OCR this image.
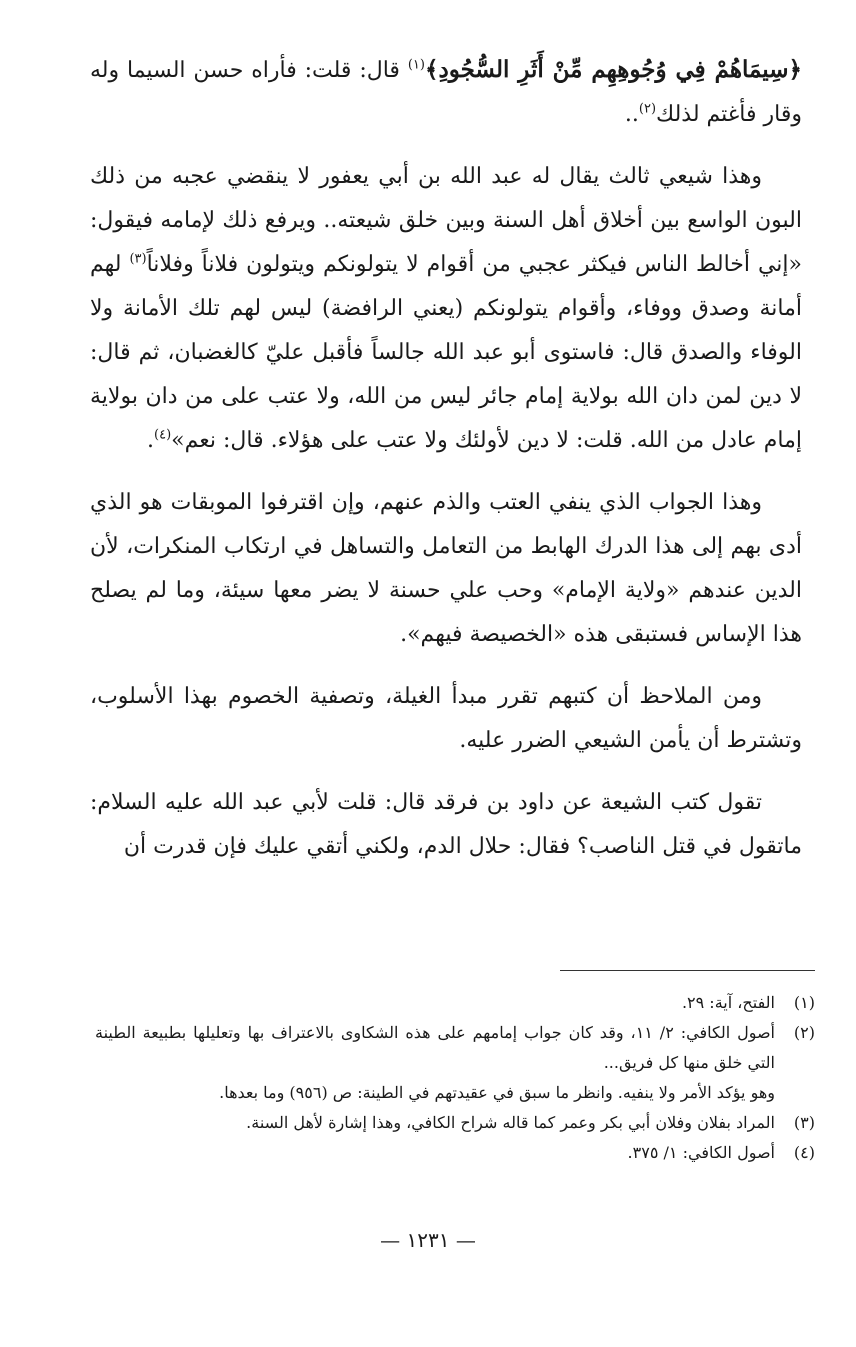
﴿سِيمَاهُمْ فِي وُجُوهِهِم مِّنْ أَثَرِ السُّجُودِ﴾$^{(١)}$ قال: قلت: فأراه حسن السيما وله وقار فأغتم لذلك$^{(٢)}$..

وهذا شيعي ثالث يقال له عبد الله بن أبي يعفور لا ينقضي عجبه من ذلك البون الواسع بين أخلاق أهل السنة وبين خلق شيعته.. ويرفع ذلك لإمامه فيقول: «إني أخالط الناس فيكثر عجبي من أقوام لا يتولونكم ويتولون فلاناً وفلاناً$^{(٣)}$ لهم أمانة وصدق ووفاء، وأقوام يتولونكم (يعني الرافضة) ليس لهم تلك الأمانة ولا الوفاء والصدق قال: فاستوى أبو عبد الله جالساً فأقبل عليّ كالغضبان، ثم قال: لا دين لمن دان الله بولاية إمام جائر ليس من الله، ولا عتب على من دان بولاية إمام عادل من الله. قلت: لا دين لأولئك ولا عتب على هؤلاء. قال: نعم»$^{(٤)}$.

وهذا الجواب الذي ينفي العتب والذم عنهم، وإن اقترفوا الموبقات هو الذي أدى بهم إلى هذا الدرك الهابط من التعامل والتساهل في ارتكاب المنكرات، لأن الدين عندهم «ولاية الإمام» وحب علي حسنة لا يضر معها سيئة، وما لم يصلح هذا الإساس فستبقى هذه «الخصيصة فيهم».

ومن الملاحظ أن كتبهم تقرر مبدأ الغيلة، وتصفية الخصوم بهذا الأسلوب، وتشترط أن يأمن الشيعي الضرر عليه.

تقول كتب الشيعة عن داود بن فرقد قال: قلت لأبي عبد الله عليه السلام: ماتقول في قتل الناصب؟ فقال: حلال الدم، ولكني أتقي عليك فإن قدرت أن

(١)
الفتح، آية: ٢٩.
(٢)
أصول الكافي: ٢/ ١١، وقد كان جواب إمامهم على هذه الشكاوى بالاعتراف بها وتعليلها بطبيعة الطينة التي خلق منها كل فريق...
وهو يؤكد الأمر ولا ينفيه. وانظر ما سبق في عقيدتهم في الطينة: ص (٩٥٦) وما بعدها.
(٣)
المراد بفلان وفلان أبي بكر وعمر كما قاله شراح الكافي، وهذا إشارة لأهل السنة.
(٤)
أصول الكافي: ١/ ٣٧٥.
— ١٢٣١ —
